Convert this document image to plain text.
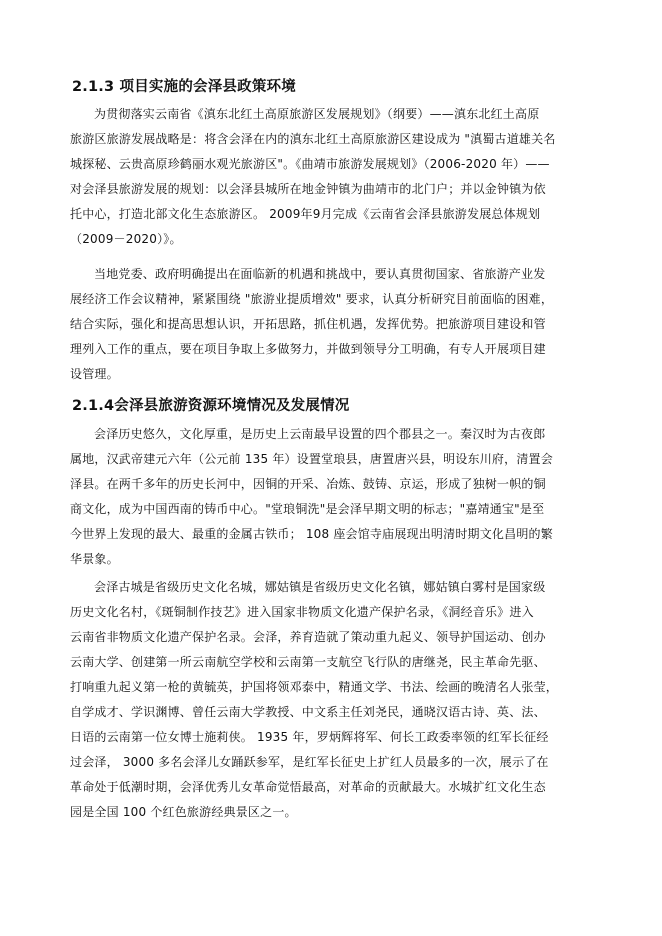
2.1.3 项目实施的会泽县政策环境
为贯彻落实云南省《滇东北红土高原旅游区发展规划》（纲要）——滇东北红土高原
旅游区旅游发展战略是：将含会泽在内的滇东北红土高原旅游区建设成为 "滇蜀古道雄关名
城探秘、云贵高原珍鹤丽水观光旅游区"。《曲靖市旅游发展规划》（2006-2020 年）——
对会泽县旅游发展的规划：以会泽县城所在地金钟镇为曲靖市的北门户；并以金钟镇为依
托中心，打造北部文化生态旅游区。 2009年9月完成《云南省会泽县旅游发展总体规划
（2009－2020）》。
当地党委、政府明确提出在面临新的机遇和挑战中，要认真贯彻国家、省旅游产业发
展经济工作会议精神，紧紧围绕 "旅游业提质增效" 要求，认真分析研究目前面临的困难，
结合实际，强化和提高思想认识，开拓思路，抓住机遇，发挥优势。把旅游项目建设和管
理列入工作的重点，要在项目争取上多做努力，并做到领导分工明确，有专人开展项目建
设管理。
2.1.4会泽县旅游资源环境情况及发展情况
会泽历史悠久，文化厚重，是历史上云南最早设置的四个郡县之一。秦汉时为古夜郎
属地，汉武帝建元六年（公元前 135 年）设置堂琅县，唐置唐兴县，明设东川府，清置会
泽县。在两千多年的历史长河中，因铜的开采、冶炼、鼓铸、京运，形成了独树一帜的铜
商文化，成为中国西南的铸币中心。"堂琅铜洗"是会泽早期文明的标志；"嘉靖通宝"是至
今世界上发现的最大、最重的金属古铁币； 108 座会馆寺庙展现出明清时期文化昌明的繁
华景象。
会泽古城是省级历史文化名城，娜姑镇是省级历史文化名镇，娜姑镇白雾村是国家级
历史文化名村，《斑铜制作技艺》进入国家非物质文化遗产保护名录，《洞经音乐》进入
云南省非物质文化遗产保护名录。会泽，养育造就了策动重九起义、领导护国运动、创办
云南大学、创建第一所云南航空学校和云南第一支航空飞行队的唐继尧，民主革命先驱、
打响重九起义第一枪的黄毓英，护国将领邓泰中，精通文学、书法、绘画的晚清名人张莹，
自学成才、学识渊博、曾任云南大学教授、中文系主任刘尧民，通晓汉语古诗、英、法、
日语的云南第一位女博士施莉侠。 1935 年，罗炳辉将军、何长工政委率领的红军长征经
过会泽， 3000 多名会泽儿女踊跃参军，是红军长征史上扩红人员最多的一次，展示了在
革命处于低潮时期，会泽优秀儿女革命觉悟最高，对革命的贡献最大。水城扩红文化生态
园是全国 100 个红色旅游经典景区之一。
